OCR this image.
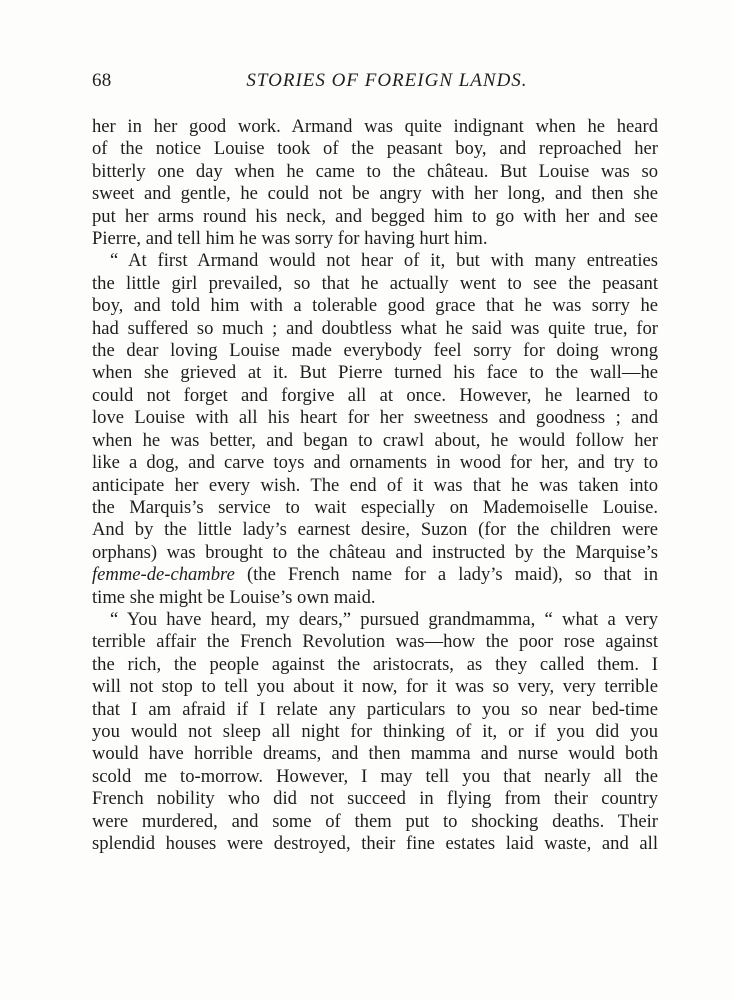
68	STORIES OF FOREIGN LANDS.

her in her good work. Armand was quite indignant when he heard
of the notice Louise took of the peasant boy, and reproached her
bitterly one day when he came to the château. But Louise was so
sweet and gentle, he could not be angry with her long, and then she
put her arms round his neck, and begged him to go with her and see
Pierre, and tell him he was sorry for having hurt him.

“ At first Armand would not hear of it, but with many entreaties
the little girl prevailed, so that he actually went to see the peasant
boy, and told him with a tolerable good grace that he was sorry he
had suffered so much ; and doubtless what he said was quite true, for
the dear loving Louise made everybody feel sorry for doing wrong
when she grieved at it. But Pierre turned his face to the wall—he
could not forget and forgive all at once. However, he learned to
love Louise with all his heart for her sweetness and goodness ; and
when he was better, and began to crawl about, he would follow her
like a dog, and carve toys and ornaments in wood for her, and try to
anticipate her every wish. The end of it was that he was taken into
the Marquis’s service to wait especially on Mademoiselle Louise.
And by the little lady’s earnest desire, Suzon (for the children were
orphans) was brought to the château and instructed by the Marquise’s
femme-de-chambre (the French name for a lady’s maid), so that in
time she might be Louise’s own maid.

“ You have heard, my dears,” pursued grandmamma, “ what a very
terrible affair the French Revolution was—how the poor rose against
the rich, the people against the aristocrats, as they called them. I
will not stop to tell you about it now, for it was so very, very terrible
that I am afraid if I relate any particulars to you so near bed-time
you would not sleep all night for thinking of it, or if you did you
would have horrible dreams, and then mamma and nurse would both
scold me to-morrow. However, I may tell you that nearly all the
French nobility who did not succeed in flying from their country
were murdered, and some of them put to shocking deaths. Their
splendid houses were destroyed, their fine estates laid waste, and all
